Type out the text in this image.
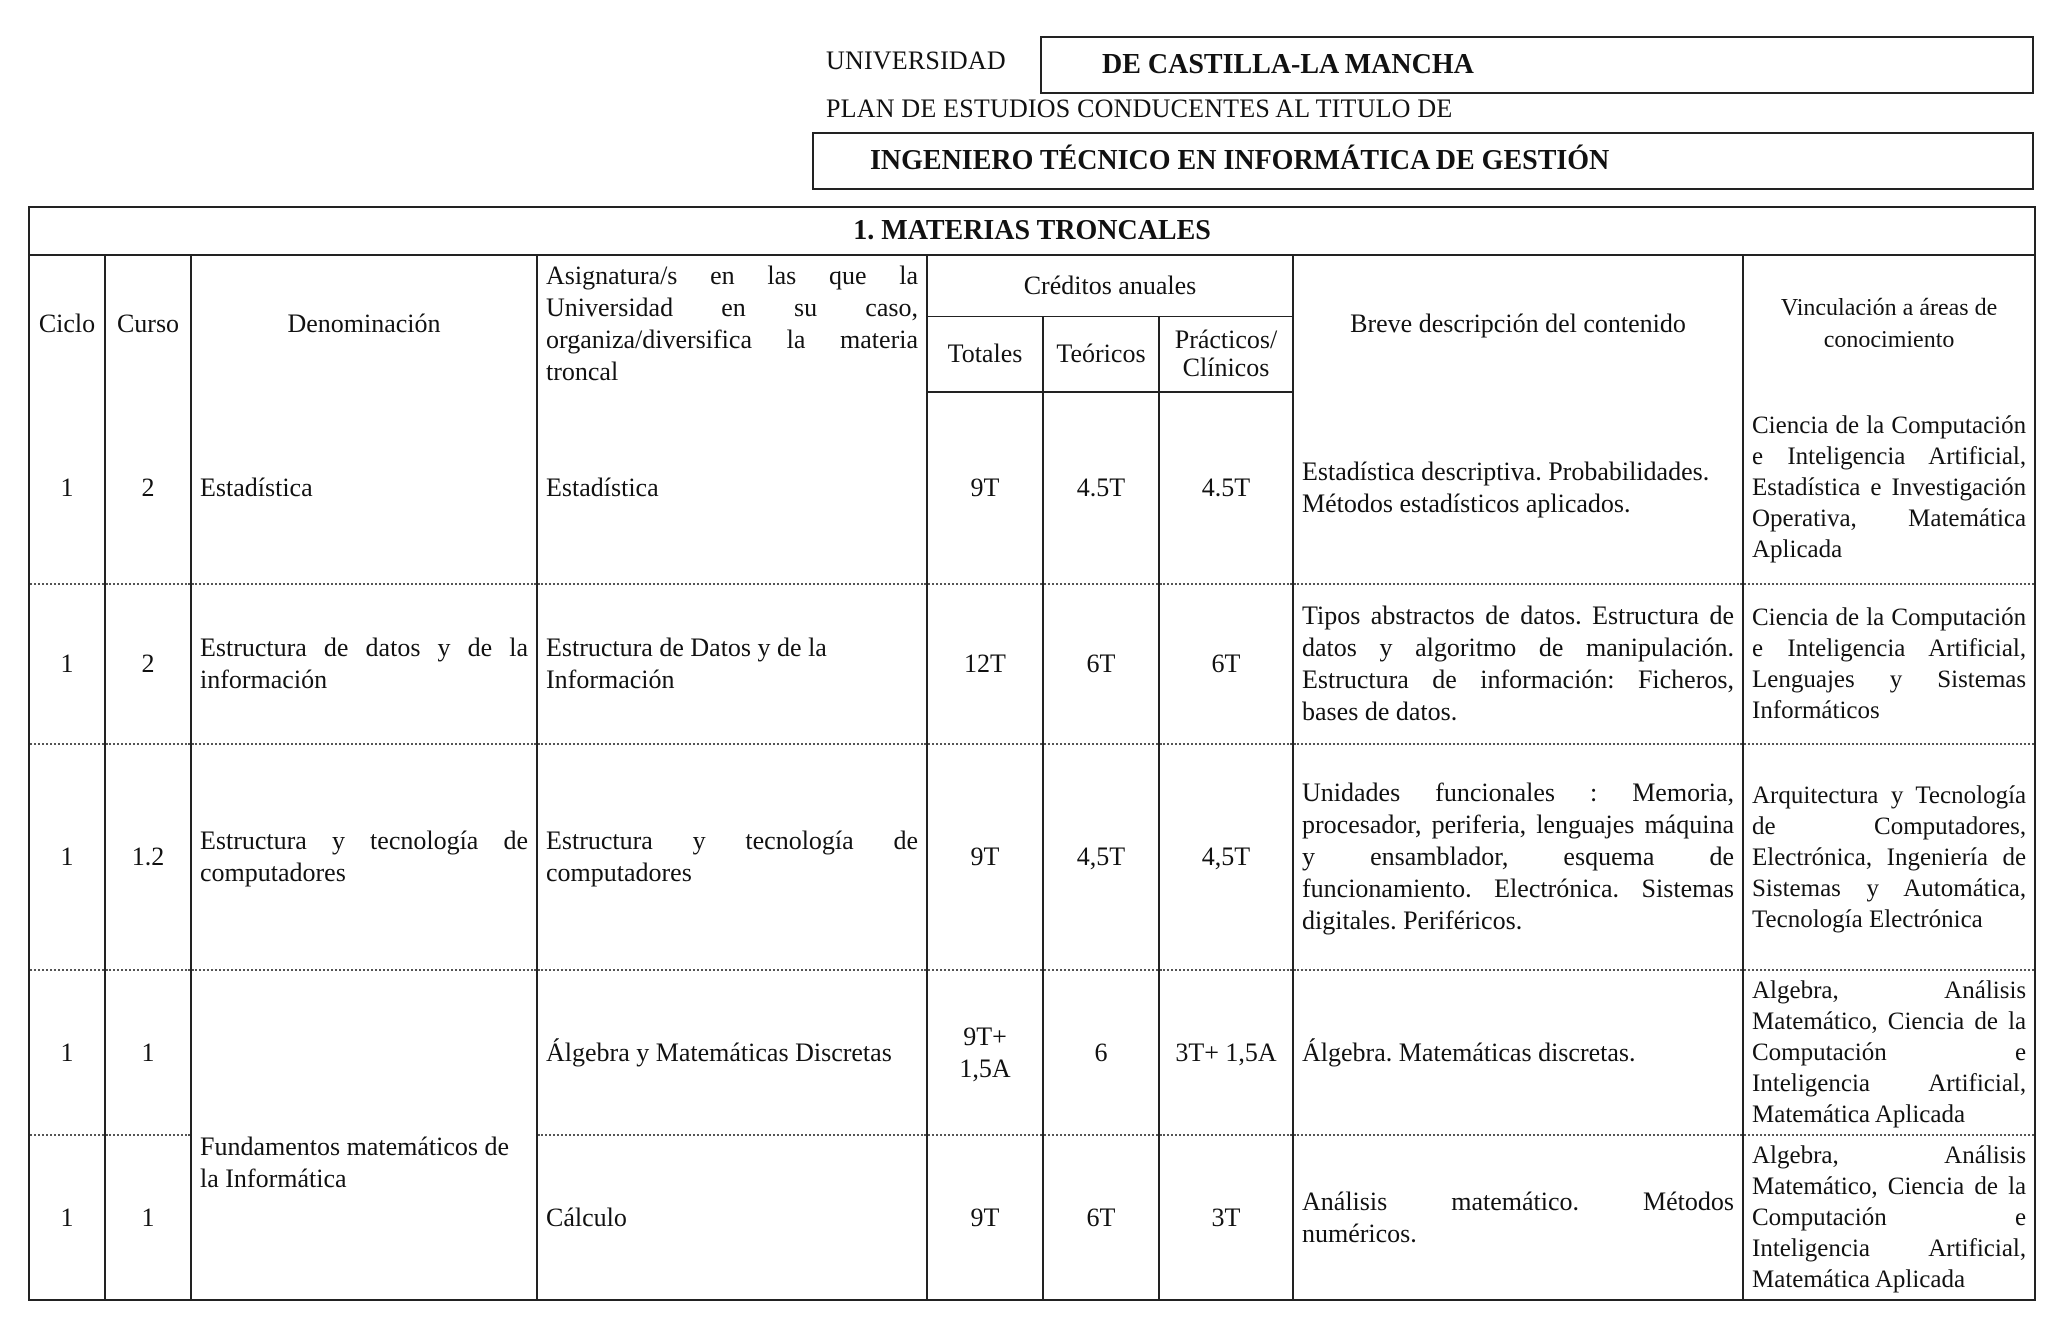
UNIVERSIDAD	DE CASTILLA-LA MANCHA
PLAN DE ESTUDIOS CONDUCENTES AL TITULO DE
INGENIERO TÉCNICO EN INFORMÁTICA DE GESTIÓN
1. MATERIAS TRONCALES								
Ciclo	Curso	Denominación	Asignatura/s en las que la Universidad en su caso, organiza/diversifica la materia troncal	Créditos anuales			Breve descripción del contenido	Vinculación a áreas de conocimiento
				Totales	Teóricos	Prácticos/ Clínicos		
1	2	Estadística	Estadística	9T	4.5T	4.5T	Estadística descriptiva. Probabilidades. Métodos estadísticos aplicados.	Ciencia de la Computación e Inteligencia Artificial, Estadística e Investigación Operativa, Matemática Aplicada
1	2	Estructura de datos y de la información	Estructura de Datos y de la Información	12T	6T	6T	Tipos abstractos de datos. Estructura de datos y algoritmo de manipulación. Estructura de información: Ficheros, bases de datos.	Ciencia de la Computación e Inteligencia Artificial, Lenguajes y Sistemas Informáticos
1	1.2	Estructura y tecnología de computadores	Estructura y tecnología de computadores	9T	4,5T	4,5T	Unidades funcionales : Memoria, procesador, periferia, lenguajes máquina y ensamblador, esquema de funcionamiento. Electrónica. Sistemas digitales. Periféricos.	Arquitectura y Tecnología de Computadores, Electrónica, Ingeniería de Sistemas y Automática, Tecnología Electrónica
1	1	Fundamentos matemáticos de la Informática	Álgebra y Matemáticas Discretas	9T+ 1,5A	6	3T+ 1,5A	Álgebra. Matemáticas discretas.	Algebra, Análisis Matemático, Ciencia de la Computación e Inteligencia Artificial, Matemática Aplicada
1	1		Cálculo	9T	6T	3T	Análisis matemático. Métodos numéricos.	Algebra, Análisis Matemático, Ciencia de la Computación e Inteligencia Artificial, Matemática Aplicada
